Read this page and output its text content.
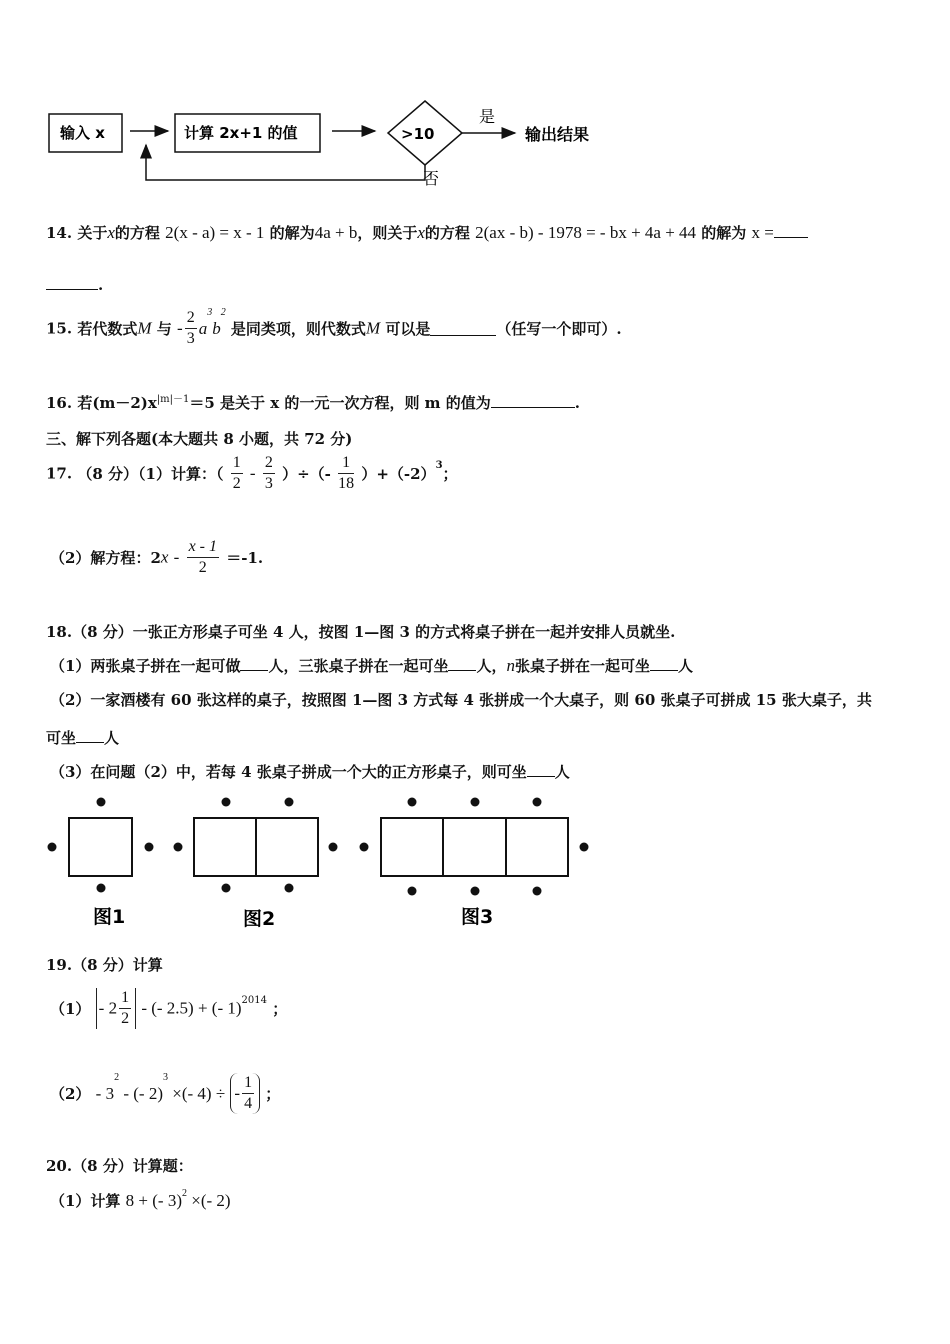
输入 x	计算 2x+1 的值	>10
是
输出结果
否
14. 关于x的方程 2(x - a) = x - 1 的解为4a + b，则关于x的方程 2(ax - b) - 1978 = - bx + 4a + 44 的解为 x =
.
15. 若代数式M 与 - $\frac{2}{3} a^3b^2$ 是同类项，则代数式M 可以是	（任写一个即可）.
16. 若$(m-2)x^{|m|-1}=5$ 是关于 x 的一元一次方程，则 m 的值为	.
三、解下列各题(本大题共 8 小题，共 72 分)
17. （8 分）（1）计算：（ $\frac{1}{2} - \frac{2}{3}$ ）÷（- $\frac{1}{18} )+(-2)^3$；
（2）解方程：$2x - \frac{x - 1}{2} =-1$.
18.（8 分）一张正方形桌子可坐 4 人，按图 1—图 3 的方式将桌子拼在一起并安排人员就坐.
（1）两张桌子拼在一起可做 人，三张桌子拼在一起可坐 人，n张桌子拼在一起可坐 人
（2）一家酒楼有 60 张这样的桌子，按照图 1—图 3 方式每 4 张拼成一个大桌子，则 60 张桌子可拼成 15 张大桌子，共
可坐 人
（3）在问题（2）中，若每 4 张桌子拼成一个大的正方形桌子，则可坐 人
图1	图2	图3
19.（8 分）计算
$(1) - 2 \frac{1}{2}$ - (- 2.5) + (- 1)$^{2014}$ ；
$(2) - 3^2$ - (- 2)$^3$ ×(- 4) ÷ - $\frac{1}{4}$ ；
20.（8 分）计算题：
（1）计算 8 + (- 3)$^2$ ×(- 2)
